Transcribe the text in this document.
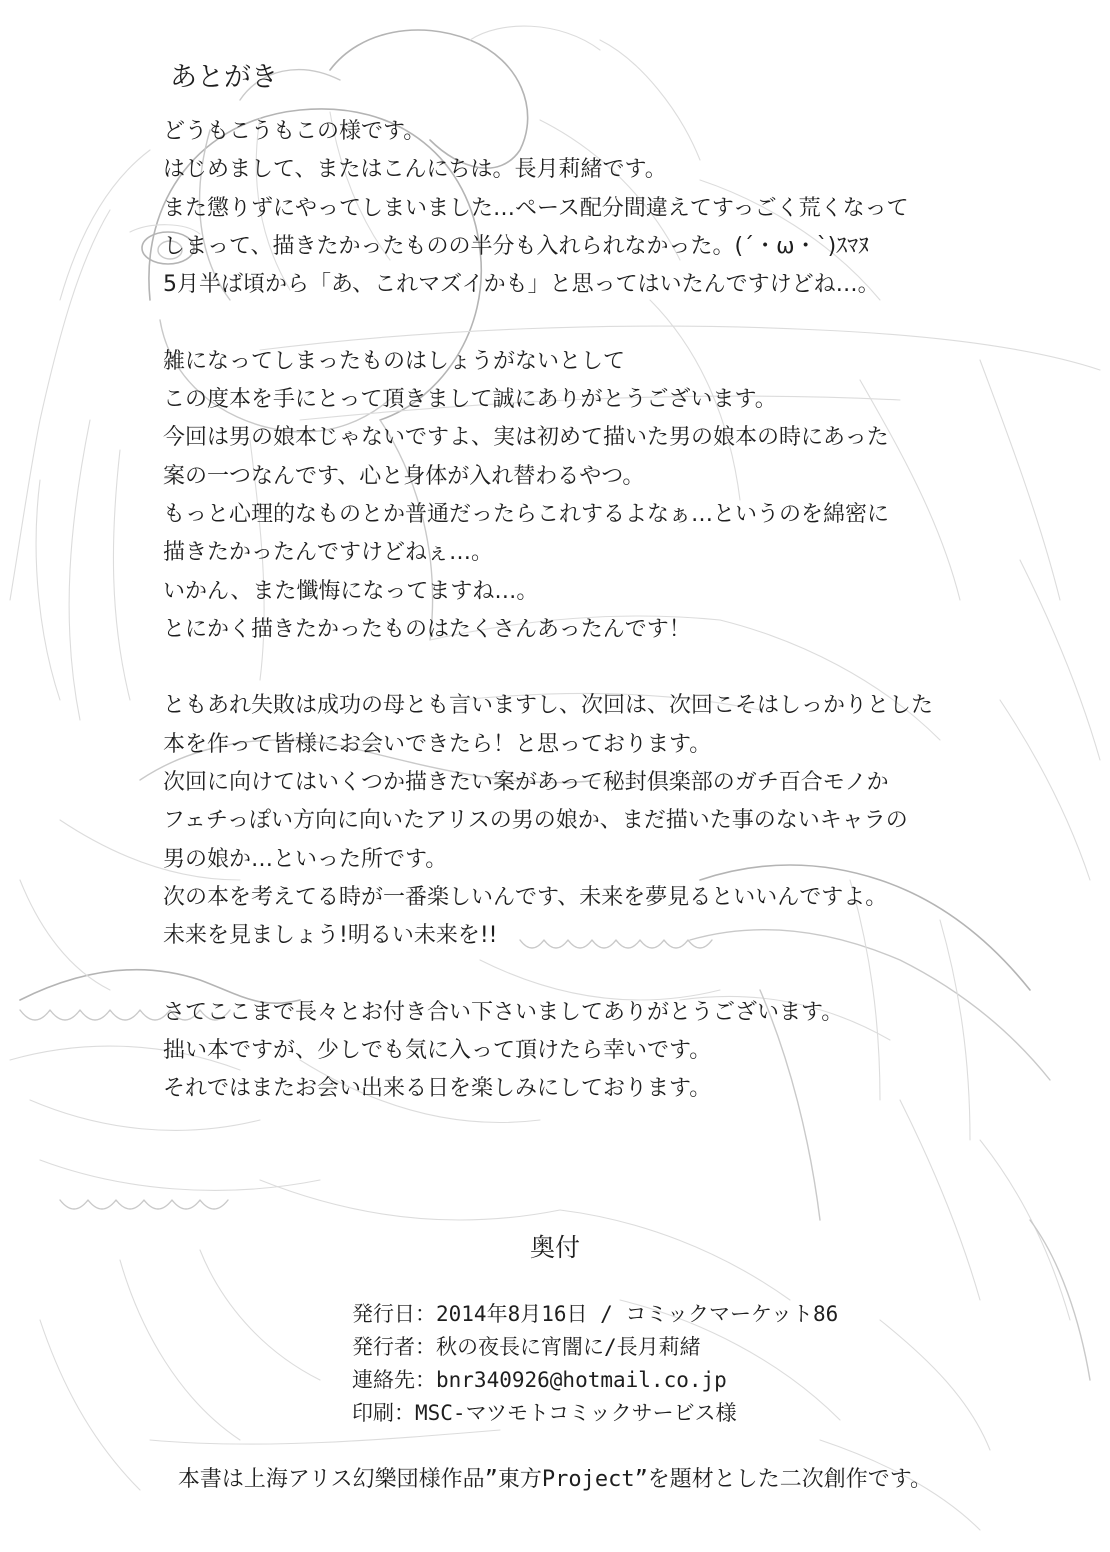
あとがき
どうもこうもこの様です。
はじめまして、またはこんにちは。長月莉緒です。
また懲りずにやってしまいました…ペース配分間違えてすっごく荒くなって
しまって、描きたかったものの半分も入れられなかった。(´・ω・`)ｽﾏﾇ
5月半ば頃から「あ、これマズイかも」と思ってはいたんですけどね…。
雑になってしまったものはしょうがないとして
この度本を手にとって頂きまして誠にありがとうございます。
今回は男の娘本じゃないですよ、実は初めて描いた男の娘本の時にあった
案の一つなんです、心と身体が入れ替わるやつ。
もっと心理的なものとか普通だったらこれするよなぁ…というのを綿密に
描きたかったんですけどねぇ…。
いかん、また懺悔になってますね…。
とにかく描きたかったものはたくさんあったんです！
ともあれ失敗は成功の母とも言いますし、次回は、次回こそはしっかりとした
本を作って皆様にお会いできたら！と思っております。
次回に向けてはいくつか描きたい案があって秘封倶楽部のガチ百合モノか
フェチっぽい方向に向いたアリスの男の娘か、まだ描いた事のないキャラの
男の娘か…といった所です。
次の本を考えてる時が一番楽しいんです、未来を夢見るといいんですよ。
未来を見ましょう!明るい未来を!!
さてここまで長々とお付き合い下さいましてありがとうございます。
拙い本ですが、少しでも気に入って頂けたら幸いです。
それではまたお会い出来る日を楽しみにしております。
奥付
発行日：2014年8月16日 / コミックマーケット86
発行者：秋の夜長に宵闇に/長月莉緒
連絡先：bnr340926@hotmail.co.jp
印刷：MSC-マツモトコミックサービス様
本書は上海アリス幻樂団様作品”東方Project”を題材とした二次創作です。
